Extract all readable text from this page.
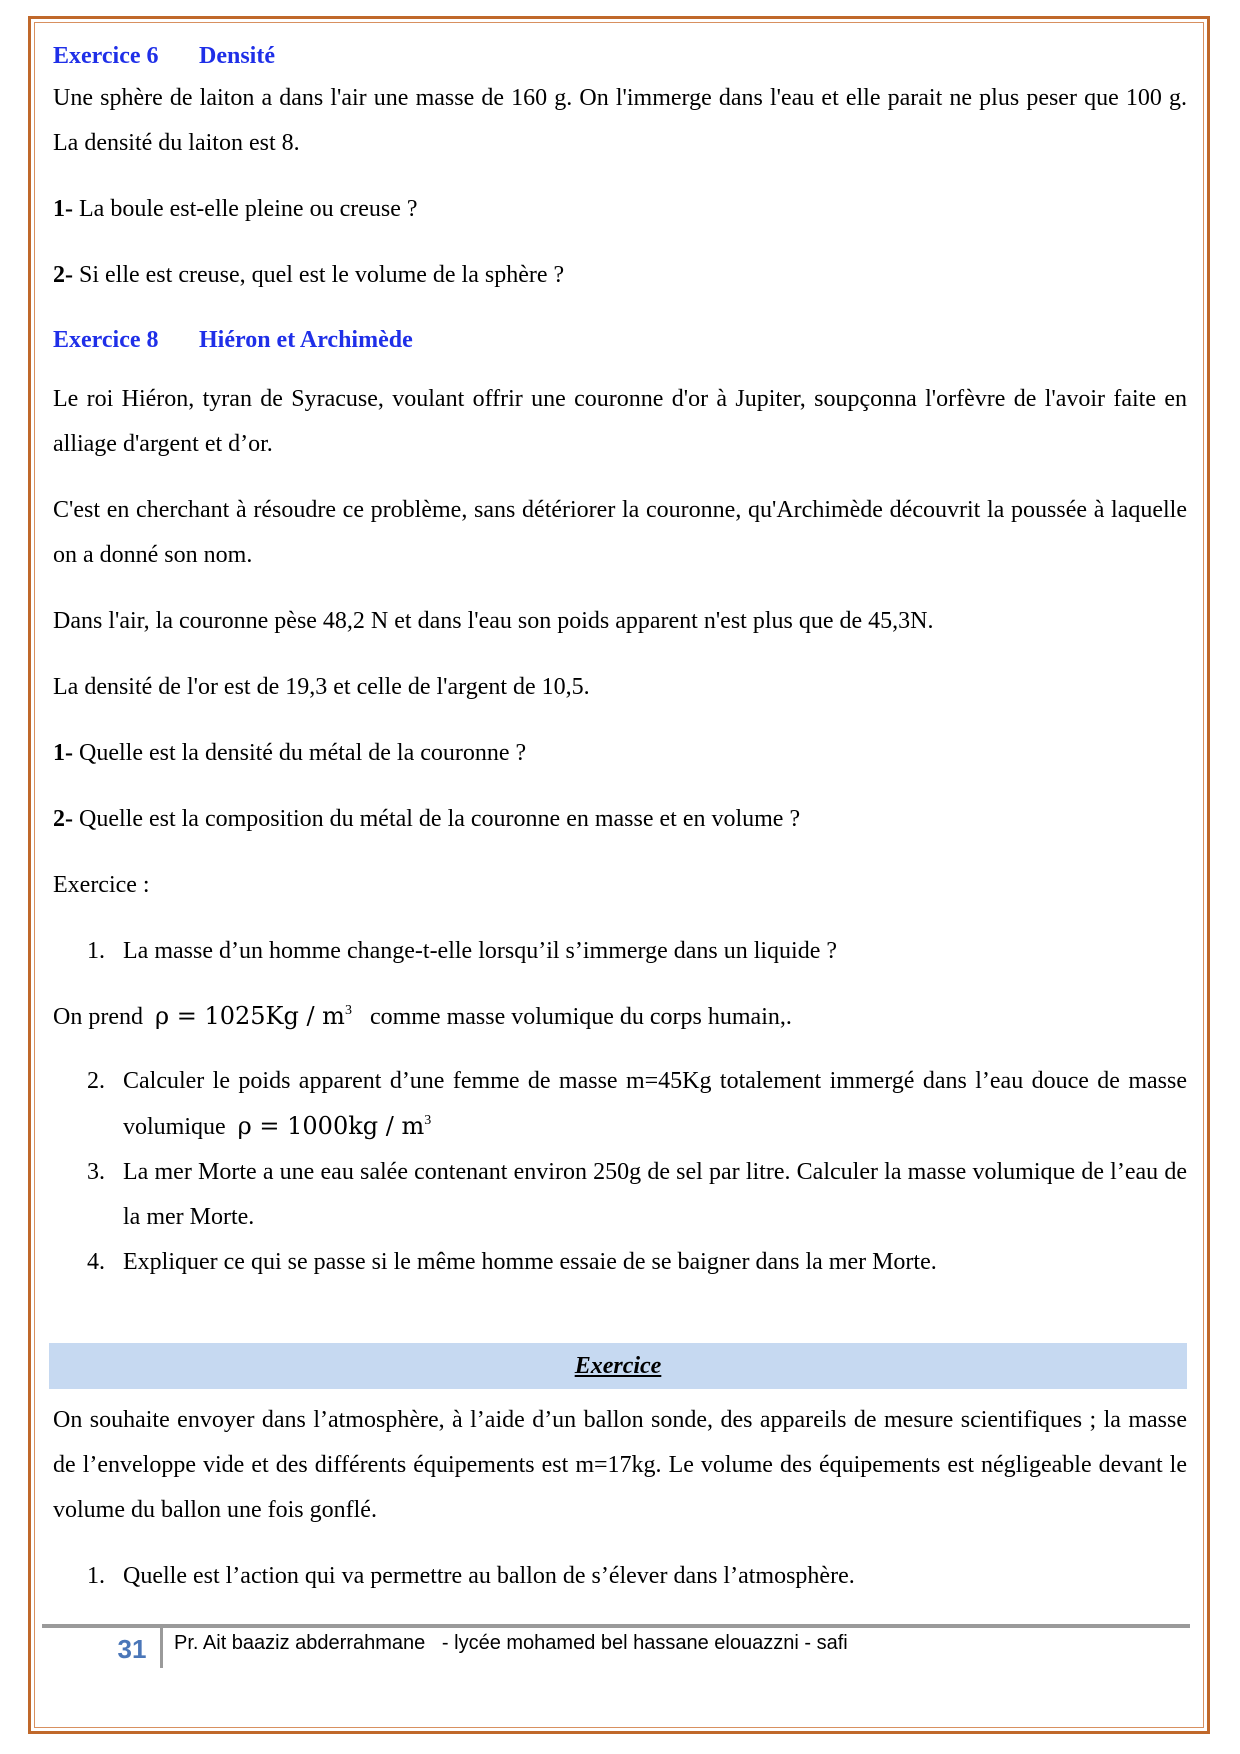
Exercice 6 Densité

Une sphère de laiton a dans l'air une masse de 160 g. On l'immerge dans l'eau et elle parait ne plus peser que 100 g. La densité du laiton est 8.

1- La boule est-elle pleine ou creuse ?

2- Si elle est creuse, quel est le volume de la sphère ?

Exercice 8 Hiéron et Archimède

Le roi Hiéron, tyran de Syracuse, voulant offrir une couronne d'or à Jupiter, soupçonna l'orfèvre de l'avoir faite en alliage d'argent et d’or.

C'est en cherchant à résoudre ce problème, sans détériorer la couronne, qu'Archimède découvrit la poussée à laquelle on a donné son nom.

Dans l'air, la couronne pèse 48,2 N et dans l'eau son poids apparent n'est plus que de 45,3N.

La densité de l'or est de 19,3 et celle de l'argent de 10,5.

1- Quelle est la densité du métal de la couronne ?

2- Quelle est la composition du métal de la couronne en masse et en volume ?

Exercice :

1. La masse d’un homme change-t-elle lorsqu’il s’immerge dans un liquide ?

On prend $\rho = 1025Kg / m^3$ comme masse volumique du corps humain,.

2. Calculer le poids apparent d’une femme de masse m=45Kg totalement immergé dans l’eau douce de masse volumique $\rho = 1000kg / m^3$
3. La mer Morte a une eau salée contenant environ 250g de sel par litre. Calculer la masse volumique de l’eau de la mer Morte.
4. Expliquer ce qui se passe si le même homme essaie de se baigner dans la mer Morte.
Exercice

On souhaite envoyer dans l’atmosphère, à l’aide d’un ballon sonde, des appareils de mesure scientifiques ; la masse de l’enveloppe vide et des différents équipements est m=17kg. Le volume des équipements est négligeable devant le volume du ballon une fois gonflé.

1. Quelle est l’action qui va permettre au ballon de s’élever dans l’atmosphère.
31	Pr. Ait baaziz abderrahmane   - lycée mohamed bel hassane elouazzni - safi
